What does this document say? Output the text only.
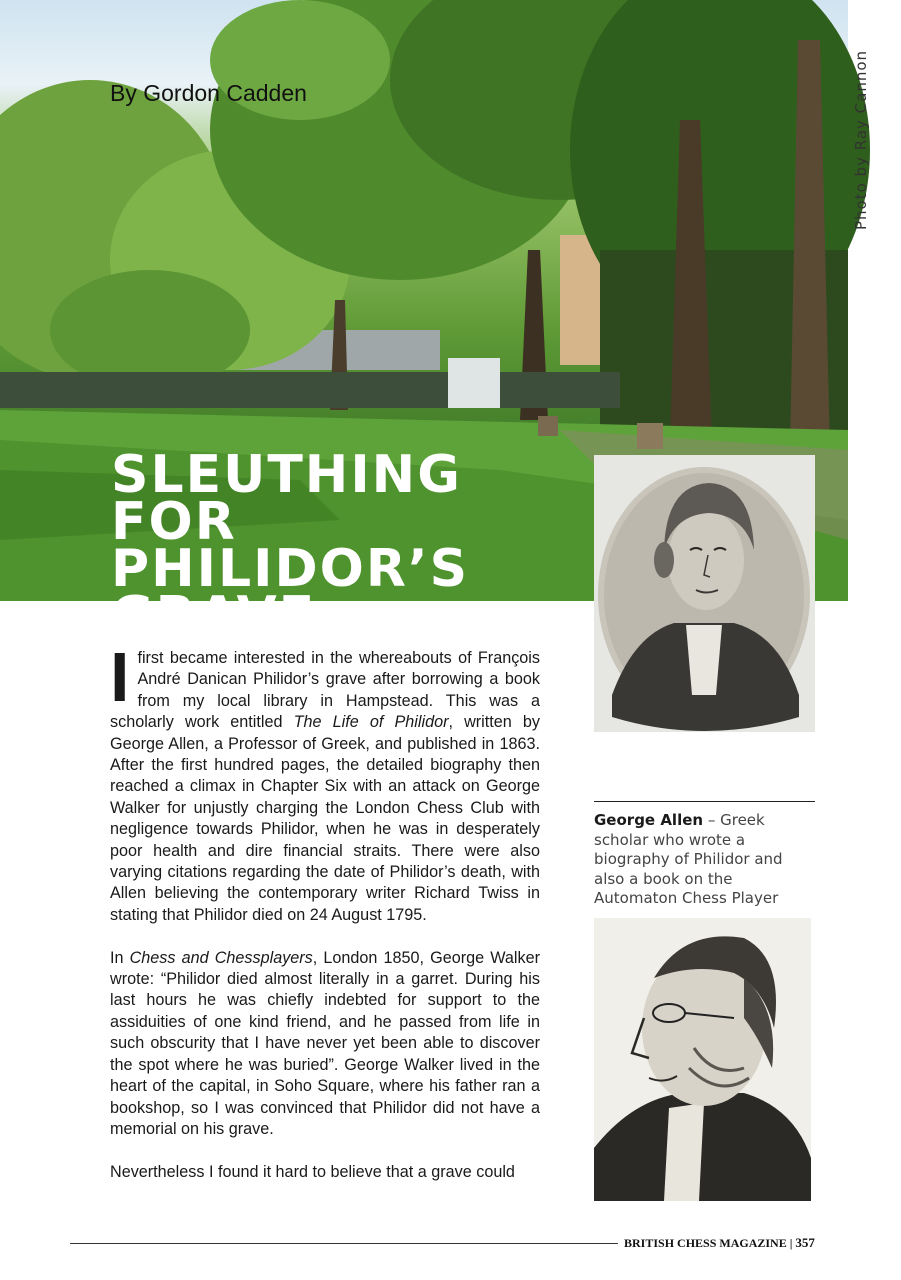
By Gordon Cadden
SLEUTHING FOR PHILIDOR’S GRAVE
Photo by Ray Cannon
George Allen – Greek scholar who wrote a biography of Philidor and also a book on the Automaton Chess Player

I first became interested in the whereabouts of François André Danican Philidor’s grave after borrowing a book from my local library in Hampstead. This was a scholarly work entitled The Life of Philidor, written by George Allen, a Professor of Greek, and published in 1863. After the first hundred pages, the detailed biography then reached a climax in Chapter Six with an attack on George Walker for unjustly charging the London Chess Club with negligence towards Philidor, when he was in desperately poor health and dire financial straits. There were also varying citations regarding the date of Philidor’s death, with Allen believing the contemporary writer Richard Twiss in stating that Philidor died on 24 August 1795.

In Chess and Chessplayers, London 1850, George Walker wrote: “Philidor died almost literally in a garret. During his last hours he was chiefly indebted for support to the assiduities of one kind friend, and he passed from life in such obscurity that I have never yet been able to discover the spot where he was buried”. George Walker lived in the heart of the capital, in Soho Square, where his father ran a bookshop, so I was convinced that Philidor did not have a memorial on his grave.

Nevertheless I found it hard to believe that a grave could

BRITISH CHESS MAGAZINE | 357
